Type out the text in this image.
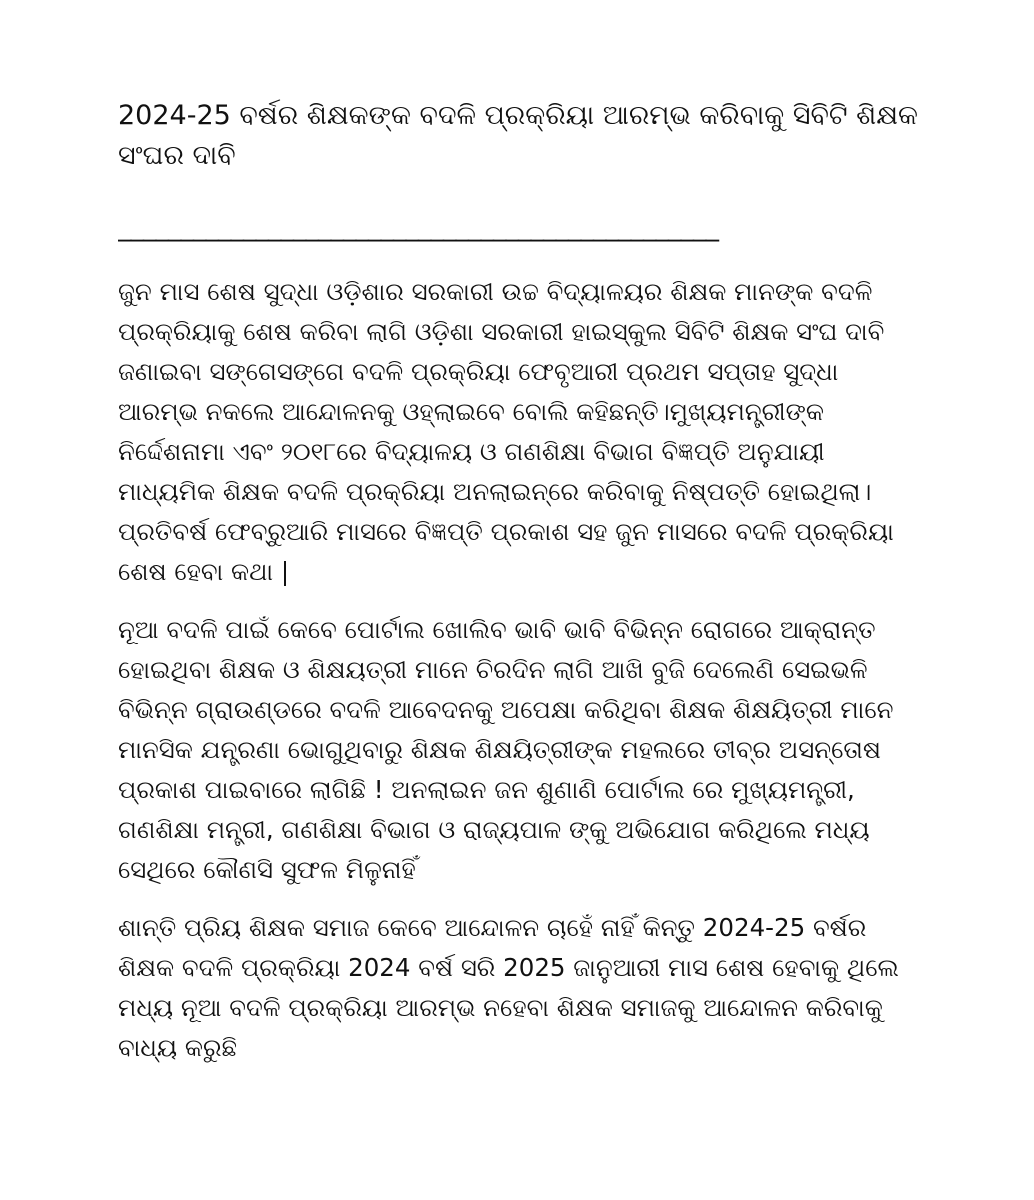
2024-25 ବର୍ଷର ଶିକ୍ଷକଙ୍କ ବଦଳି ପ୍ରକ୍ରିୟା ଆରମ୍ଭ କରିବାକୁ ସିବିଟି ଶିକ୍ଷକ ସଂଘର ଦାବି
________________________________________________

ଜୁନ ମାସ ଶେଷ ସୁଦ୍ଧା ଓଡ଼ିଶାର ସରକାରୀ ଉଚ୍ଚ ବିଦ୍ୟାଳୟର ଶିକ୍ଷକ ମାନଙ୍କ ବଦଳି ପ୍ରକ୍ରିୟାକୁ ଶେଷ କରିବା ଲାଗି ଓଡ଼ିଶା ସରକାରୀ ହାଇସ୍କୁଲ ସିବିଟି ଶିକ୍ଷକ ସଂଘ ଦାବି ଜଣାଇବା ସଙ୍ଗେସଙ୍ଗେ ବଦଳି ପ୍ରକ୍ରିୟା ଫେବୃଆରୀ ପ୍ରଥମ ସପ୍ତାହ ସୁଦ୍ଧା ଆରମ୍ଭ ନକଲେ ଆନ୍ଦୋଳନକୁ ଓହ୍ଲାଇବେ ବୋଲି କହିଛନ୍ତି।ମୁଖ୍ୟମନ୍ତ୍ରୀଙ୍କ ନିର୍ଦ୍ଦେଶନାମା ଏବଂ ୨୦୧୮ରେ ବିଦ୍ୟାଳୟ ଓ ଗଣଶିକ୍ଷା ବିଭାଗ ବିଜ୍ଞପ୍ତି ଅନୁଯାୟୀ ମାଧ୍ୟମିକ ଶିକ୍ଷକ ବଦଳି ପ୍ରକ୍ରିୟା ଅନଲାଇନ୍‌ରେ କରିବାକୁ ନିଷ୍ପତ୍ତି ହୋଇଥିଲା। ପ୍ରତିବର୍ଷ ଫେବ୍ରୁଆରି ମାସରେ ବିଜ୍ଞପ୍ତି ପ୍ରକାଶ ସହ ଜୁନ ମାସରେ ବଦଳି ପ୍ରକ୍ରିୟା ଶେଷ ହେବା କଥା |

ନୂଆ ବଦଳି ପାଇଁ କେବେ ପୋର୍ଟାଲ ଖୋଲିବ ଭାବି ଭାବି ବିଭିନ୍ନ ରୋଗରେ ଆକ୍ରାନ୍ତ ହୋଇଥିବା ଶିକ୍ଷକ ଓ ଶିକ୍ଷୟତ୍ରୀ ମାନେ ଚିରଦିନ ଲାଗି ଆଖି ବୁଜି ଦେଲେଣି ସେଇଭଳି ବିଭିନ୍ନ ଗ୍ରାଉଣ୍ଡରେ ବଦଳି ଆବେଦନକୁ ଅପେକ୍ଷା କରିଥିବା ଶିକ୍ଷକ ଶିକ୍ଷୟିତ୍ରୀ ମାନେ ମାନସିକ ଯନ୍ତ୍ରଣା ଭୋଗୁଥିବାରୁ ଶିକ୍ଷକ ଶିକ୍ଷୟିତ୍ରୀଙ୍କ ମହଲରେ ତୀବ୍ର ଅସନ୍ତୋଷ ପ୍ରକାଶ ପାଇବାରେ ଲାଗିଛି ! ଅନଲାଇନ ଜନ ଶୁଣାଣି ପୋର୍ଟାଲ ରେ ମୁଖ୍ୟମନ୍ତ୍ରୀ, ଗଣଶିକ୍ଷା ମନ୍ତ୍ରୀ, ଗଣଶିକ୍ଷା ବିଭାଗ ଓ ରାଜ୍ୟପାଳ ଙ୍କୁ ଅଭିଯୋଗ କରିଥିଲେ ମଧ୍ୟ ସେଥିରେ କୌଣସି ସୁଫଳ ମିଳୁନାହିଁ

ଶାନ୍ତି ପ୍ରିୟ ଶିକ୍ଷକ ସମାଜ କେବେ ଆନ୍ଦୋଳନ ଚାହେଁ ନାହିଁ କିନ୍ତୁ 2024-25 ବର୍ଷର ଶିକ୍ଷକ ବଦଳି ପ୍ରକ୍ରିୟା 2024 ବର୍ଷ ସରି 2025 ଜାନୁଆରୀ ମାସ ଶେଷ ହେବାକୁ ଥିଲେ ମଧ୍ୟ ନୂଆ ବଦଳି ପ୍ରକ୍ରିୟା ଆରମ୍ଭ ନହେବା ଶିକ୍ଷକ ସମାଜକୁ ଆନ୍ଦୋଳନ କରିବାକୁ ବାଧ୍ୟ କରୁଛି
